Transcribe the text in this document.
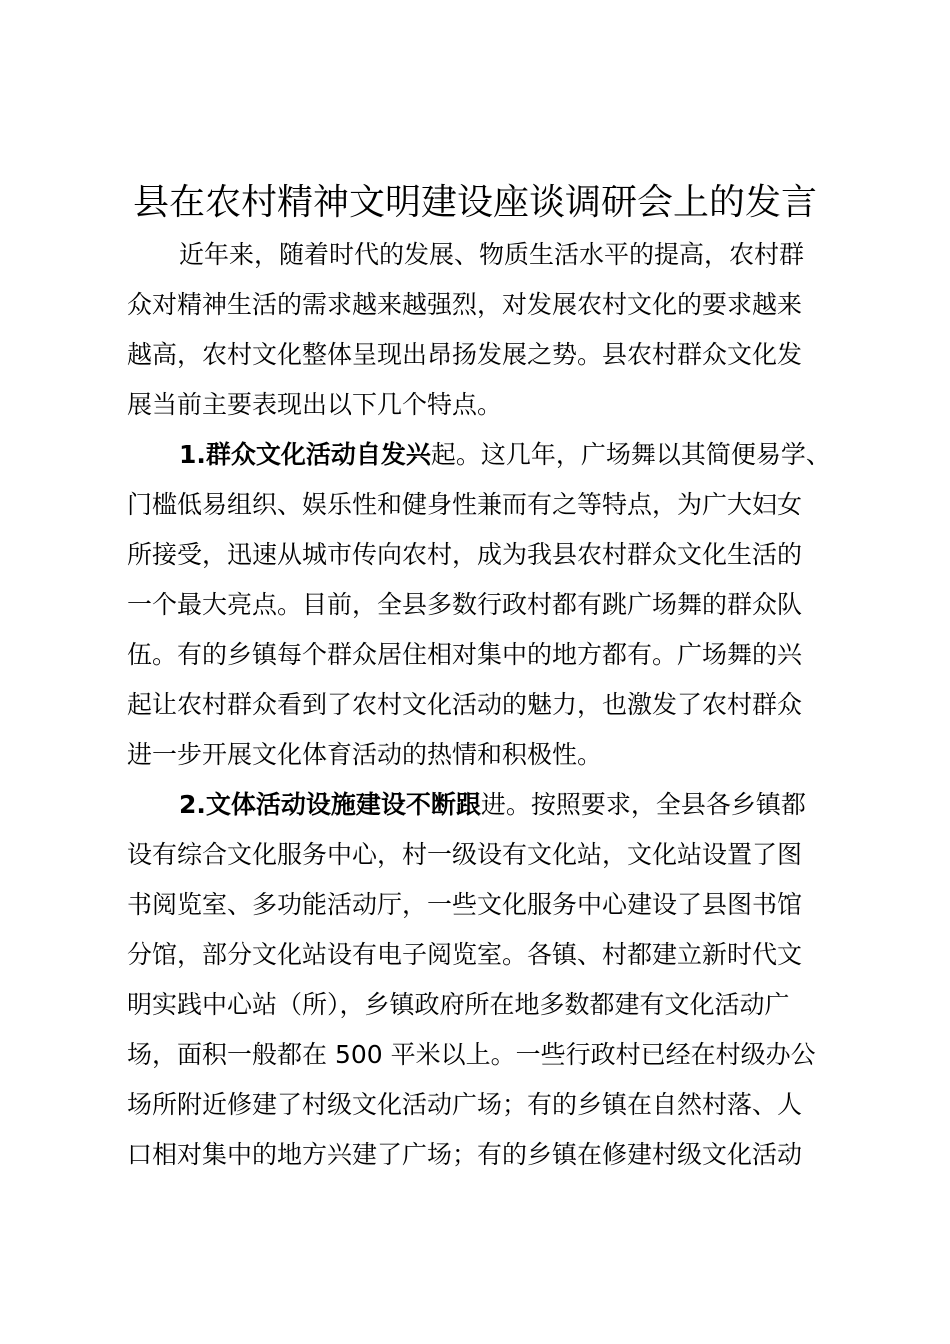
县在农村精神文明建设座谈调研会上的发言
近年来，随着时代的发展、物质生活水平的提高，农村群
众对精神生活的需求越来越强烈，对发展农村文化的要求越来
越高，农村文化整体呈现出昂扬发展之势。县农村群众文化发
展当前主要表现出以下几个特点。
1.群众文化活动自发兴起。这几年，广场舞以其简便易学、
门槛低易组织、娱乐性和健身性兼而有之等特点，为广大妇女
所接受，迅速从城市传向农村，成为我县农村群众文化生活的
一个最大亮点。目前，全县多数行政村都有跳广场舞的群众队
伍。有的乡镇每个群众居住相对集中的地方都有。广场舞的兴
起让农村群众看到了农村文化活动的魅力，也激发了农村群众
进一步开展文化体育活动的热情和积极性。
2.文体活动设施建设不断跟进。按照要求，全县各乡镇都
设有综合文化服务中心，村一级设有文化站，文化站设置了图
书阅览室、多功能活动厅，一些文化服务中心建设了县图书馆
分馆，部分文化站设有电子阅览室。各镇、村都建立新时代文
明实践中心站（所），乡镇政府所在地多数都建有文化活动广
场，面积一般都在 500 平米以上。一些行政村已经在村级办公
场所附近修建了村级文化活动广场；有的乡镇在自然村落、人
口相对集中的地方兴建了广场；有的乡镇在修建村级文化活动
